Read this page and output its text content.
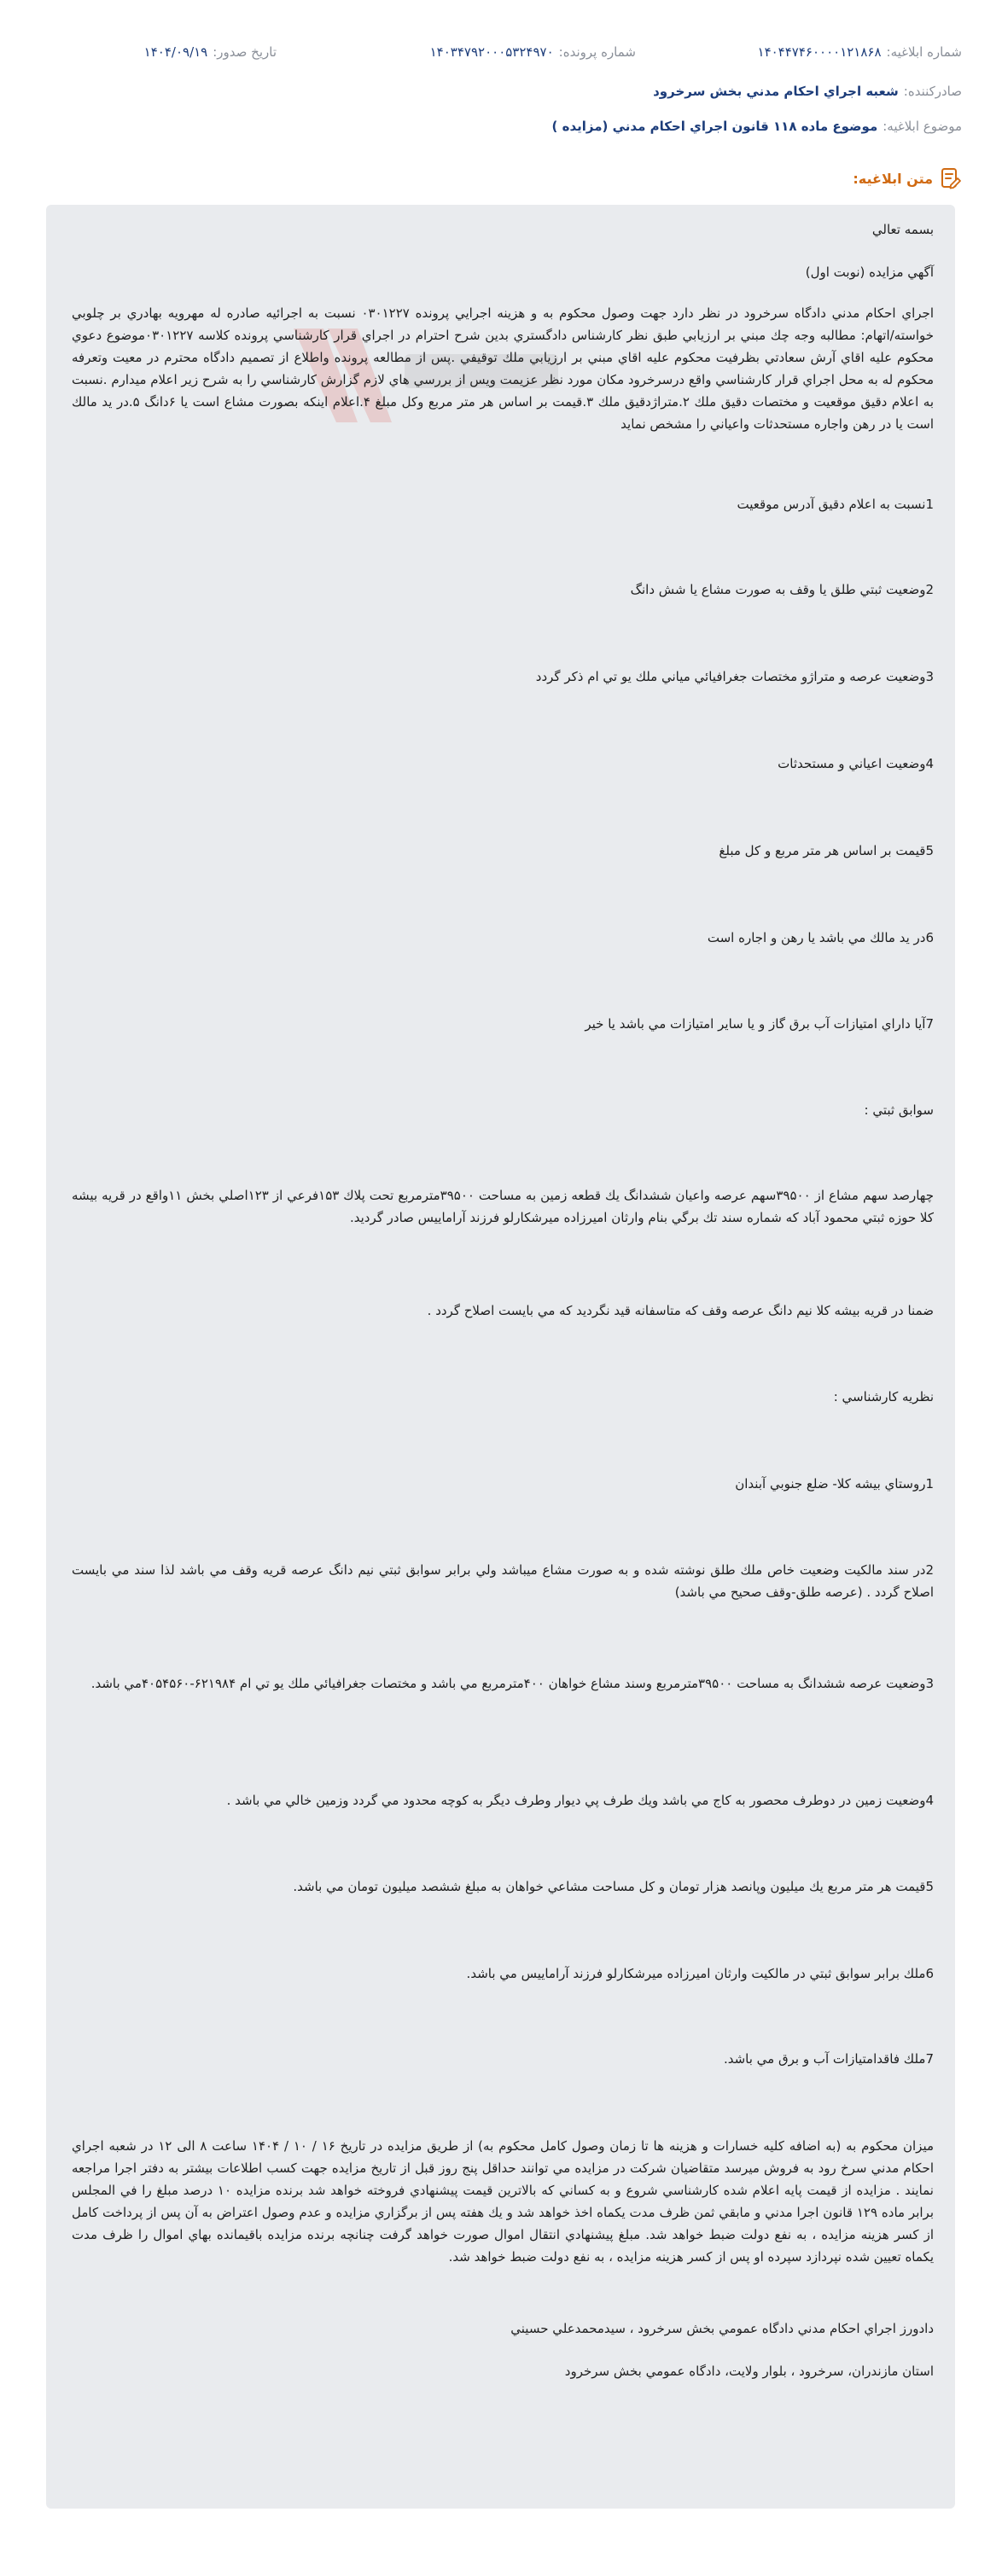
شماره ابلاغيه:۱۴۰۴۴۷۴۶۰۰۰۰۱۲۱۸۶۸
شماره پرونده:۱۴۰۳۴۷۹۲۰۰۰۵۳۲۴۹۷۰
تاريخ صدور:۱۴۰۴/۰۹/۱۹
صادرکننده:شعبه اجراي احكام مدني بخش سرخرود
موضوع ابلاغيه:موضوع ماده ۱۱۸ قانون اجراي احكام مدني (مزايده )
متن ابلاغيه:
بسمه تعالي
آگهي مزايده (نوبت اول)
اجراي احكام مدني دادگاه سرخرود در نظر دارد جهت وصول محكوم به و هزينه اجرايي پرونده ۰۳۰۱۲۲۷ نسبت به اجرائيه صادره له مهرويه بهادري بر چلوبي خواسته/اتهام: مطالبه وجه چك مبني بر ارزيابي طبق نظر كارشناس دادگستري بدين شرح احترام در اجراي قرار كارشناسي پرونده كلاسه ۰۳۰۱۲۲۷موضوع دعوي محكوم عليه اقاي آرش سعادتي بظرفيت محكوم عليه اقاي مبني بر ارزيابي ملك توقيفي .پس از مطالعه پرونده واطلاع از تصميم دادگاه محترم در معيت وتعرفه محكوم له به محل اجراي قرار كارشناسي واقع درسرخرود مكان مورد نظر عزيمت ويس از بررسي هاي لازم گزارش كارشناسي را به شرح زير اعلام ميدارم .نسبت به اعلام دقيق موقعيت و مختصات دقيق ملك ۲.متراژدقيق ملك ۳.قيمت بر اساس هر متر مربع وكل مبلغ ۴.اعلام اينكه بصورت مشاع است يا ۶دانگ ۵.در يد مالك است يا در رهن واجاره مستحدثات واعياني را مشخص نمايد
1نسبت به اعلام دقيق آدرس موقعيت
2وضعيت ثبتي طلق يا وقف به صورت مشاع يا شش دانگ
3وضعيت عرصه و متراژو مختصات جغرافيائي مياني ملك يو تي ام ذكر گردد
4وضعيت اعياني و مستحدثات
5قيمت بر اساس هر متر مربع و كل مبلغ
6در يد مالك مي باشد يا رهن و اجاره است
7آيا داراي امتيازات آب برق گاز و يا ساير امتيازات مي باشد يا خير
سوابق ثبتي :
چهارصد سهم مشاع از ۳۹۵۰۰سهم عرصه واعيان ششدانگ يك قطعه زمين به مساحت ۳۹۵۰۰مترمربع تحت پلاك ۱۵۳فرعي از ۱۲۳اصلي بخش ۱۱واقع در قريه بيشه كلا حوزه ثبتي محمود آباد كه شماره سند تك برگي بنام وارثان اميرزاده ميرشكارلو فرزند آراماييس صادر گرديد.
ضمنا در قريه بيشه كلا نيم دانگ عرصه وقف كه متاسفانه قيد نگرديد كه مي بايست اصلاح گردد .
نظريه كارشناسي :
1روستاي بيشه كلا- ضلع جنوبي آبندان
2در سند مالكيت وضعيت خاص ملك طلق نوشته شده و به صورت مشاع ميباشد ولي برابر سوابق ثبتي نيم دانگ عرصه قريه وقف مي باشد لذا سند مي بايست اصلاح گردد . (عرصه طلق-وقف صحيح مي باشد)
3وضعيت عرصه ششدانگ به مساحت ۳۹۵۰۰مترمربع وسند مشاع خواهان ۴۰۰مترمربع مي باشد و مختصات جغرافيائي ملك يو تي ام ۶۲۱۹۸۴-۴۰۵۴۵۶۰مي باشد.
4وضعيت زمين در دوطرف محصور به كاج مي باشد ويك طرف پي ديوار وطرف ديگر به كوچه محدود مي گردد وزمين خالي مي باشد .
5قيمت هر متر مربع يك ميليون وپانصد هزار تومان و كل مساحت مشاعي خواهان به مبلغ ششصد ميليون تومان مي باشد.
6ملك برابر سوابق ثبتي در مالكيت وارثان اميرزاده ميرشكارلو فرزند آراماييس مي باشد.
7ملك فاقدامتيازات آب و برق مي باشد.
ميزان محكوم به (به اضافه كليه خسارات و هزينه ها تا زمان وصول كامل محكوم به) از طريق مزايده در تاريخ ۱۶ / ۱۰ / ۱۴۰۴ ساعت ۸ الی ۱۲ در شعبه اجراي احكام مدني سرخ رود به فروش ميرسد متقاضيان شركت در مزايده مي توانند حداقل پنج روز قبل از تاريخ مزايده جهت كسب اطلاعات بيشتر به دفتر اجرا مراجعه نمايند . مزايده از قيمت پايه اعلام شده كارشناسي شروع و به كساني كه بالاترين قيمت پيشنهادي فروخته خواهد شد برنده مزايده ۱۰ درصد مبلغ را في المجلس برابر ماده ۱۲۹ قانون اجرا مدني و مابقي ثمن ظرف مدت يكماه اخذ خواهد شد و يك هفته پس از برگزاري مزايده و عدم وصول اعتراض به آن پس از پرداخت كامل از كسر هزينه مزايده ، به نفع دولت ضبط خواهد شد. مبلغ پيشنهادي انتقال اموال صورت خواهد گرفت چنانچه برنده مزايده باقيمانده بهاي اموال را ظرف مدت يكماه تعيين شده نپردازد سپرده او پس از كسر هزينه مزايده ، به نفع دولت ضبط خواهد شد.
دادورز اجراي احكام مدني دادگاه عمومي بخش سرخرود ، سيدمحمدعلي حسيني
استان مازندران، سرخرود ، بلوار ولايت، دادگاه عمومي بخش سرخرود
